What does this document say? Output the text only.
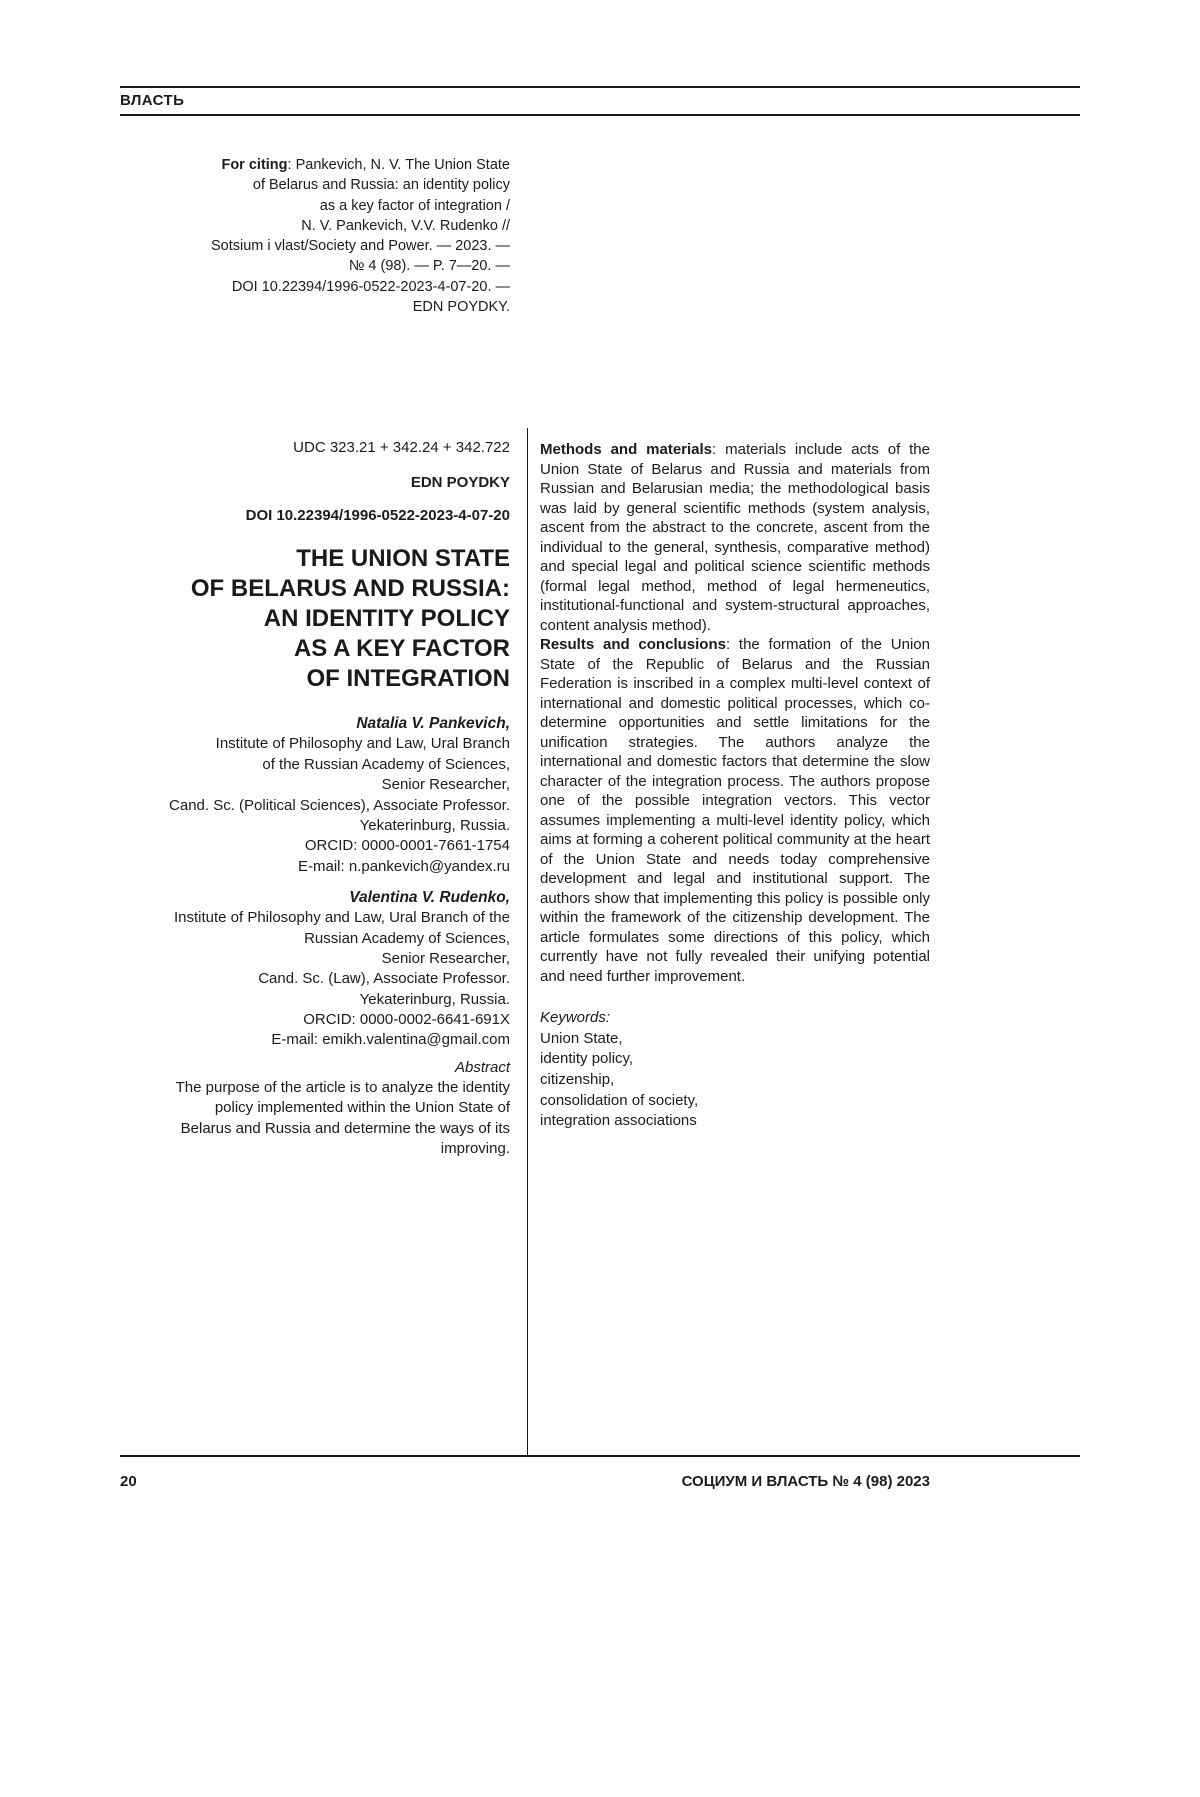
ВЛАСТЬ

For citing: Pankevich, N. V. The Union State
of Belarus and Russia: an identity policy
as a key factor of integration /
N. V. Pankevich, V.V. Rudenko //
Sotsium i vlast/Society and Power. — 2023. —
№ 4 (98). — P. 7—20. —
DOI 10.22394/1996-0522-2023-4-07-20. —
EDN POYDKY.

UDC 323.21 + 342.24 + 342.722

EDN POYDKY

DOI 10.22394/1996-0522-2023-4-07-20

THE UNION STATE
OF BELARUS AND RUSSIA:
AN IDENTITY POLICY
AS A KEY FACTOR
OF INTEGRATION

Natalia V. Pankevich,

Institute of Philosophy and Law, Ural Branch
of the Russian Academy of Sciences,
Senior Researcher,
Cand. Sc. (Political Sciences), Associate Professor.
Yekaterinburg, Russia.
ORCID: 0000-0001-7661-1754
E-mail: n.pankevich@yandex.ru

Valentina V. Rudenko,

Institute of Philosophy and Law, Ural Branch of the
Russian Academy of Sciences,
Senior Researcher,
Cand. Sc. (Law), Associate Professor.
Yekaterinburg, Russia.
ORCID: 0000-0002-6641-691X
E-mail: emikh.valentina@gmail.com

Abstract

The purpose of the article is to analyze the identity
policy implemented within the Union State of
Belarus and Russia and determine the ways of its
improving.

Methods and materials: materials include acts of the Union State of Belarus and Russia and materials from Russian and Belarusian media; the methodological basis was laid by general scientific methods (system analysis, ascent from the abstract to the concrete, ascent from the individual to the general, synthesis, comparative method) and special legal and political science scientific methods (formal legal method, method of legal hermeneutics, institutional-functional and system-structural approaches, content analysis method).

Results and conclusions: the formation of the Union State of the Republic of Belarus and the Russian Federation is inscribed in a complex multi-level context of international and domestic political processes, which co-determine opportunities and settle limitations for the unification strategies. The authors analyze the international and domestic factors that determine the slow character of the integration process. The authors propose one of the possible integration vectors. This vector assumes implementing a multi-level identity policy, which aims at forming a coherent political community at the heart of the Union State and needs today comprehensive development and legal and institutional support. The authors show that implementing this policy is possible only within the framework of the citizenship development. The article formulates some directions of this policy, which currently have not fully revealed their unifying potential and need further improvement.

Keywords:
Union State,
identity policy,
citizenship,
consolidation of society,
integration associations

20	СОЦИУМ И ВЛАСТЬ № 4 (98) 2023
